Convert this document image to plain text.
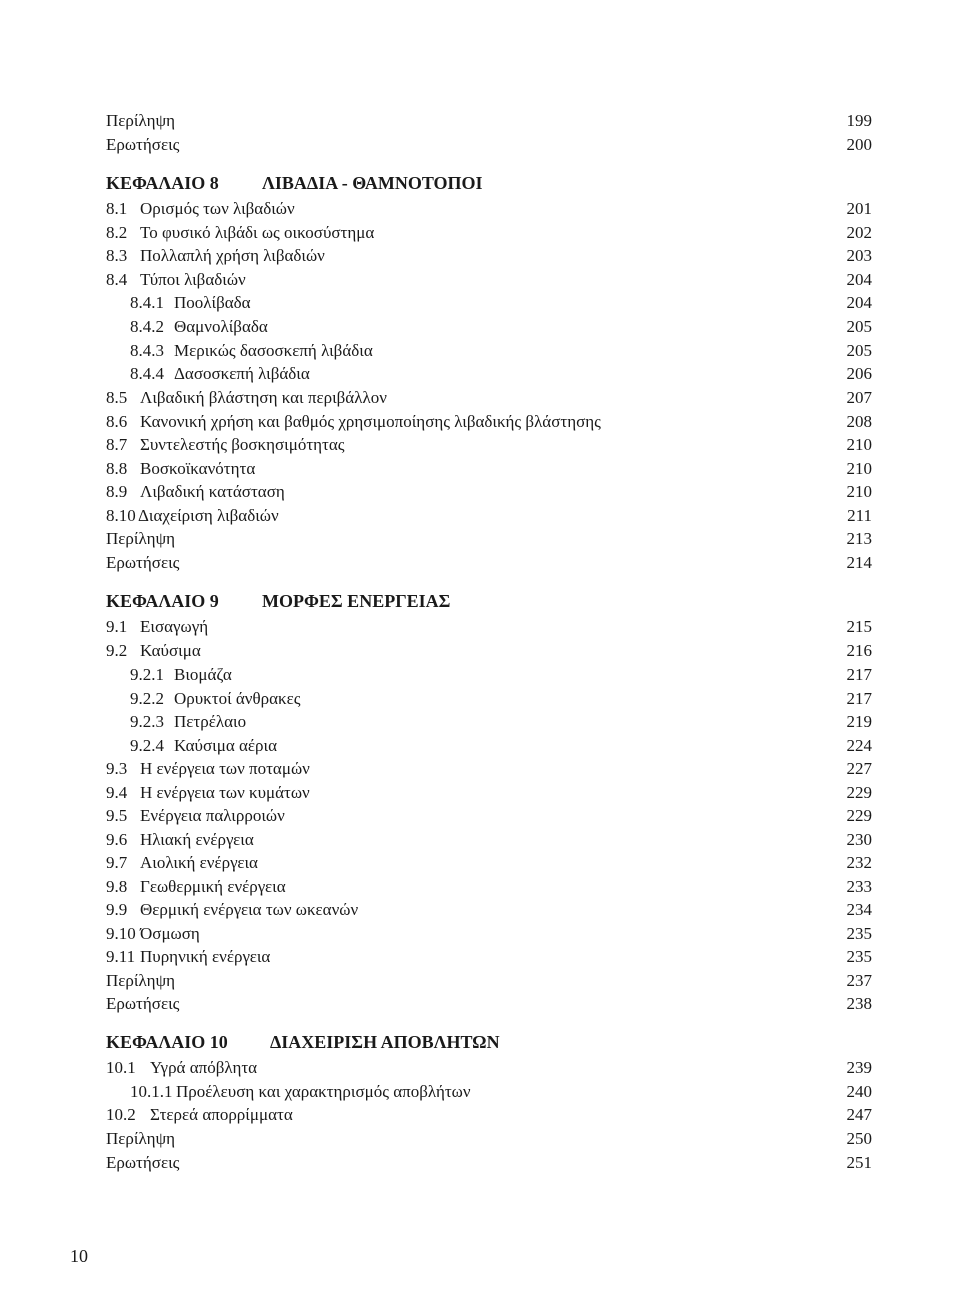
Περίληψη	199
Ερωτήσεις	200
ΚΕΦΑΛΑΙΟ 8 ΛΙΒΑΔΙΑ - ΘΑΜΝΟΤΟΠΟΙ
8.1 Ορισμός των λιβαδιών	201
8.2 Το φυσικό λιβάδι ως οικοσύστημα	202
8.3 Πολλαπλή χρήση λιβαδιών	203
8.4 Τύποι λιβαδιών	204
8.4.1 Ποολίβαδα	204
8.4.2 Θαμνολίβαδα	205
8.4.3 Μερικώς δασοσκεπή λιβάδια	205
8.4.4 Δασοσκεπή λιβάδια	206
8.5 Λιβαδική βλάστηση και περιβάλλον	207
8.6 Κανονική χρήση και βαθμός χρησιμοποίησης λιβαδικής βλάστησης	208
8.7 Συντελεστής βοσκησιμότητας	210
8.8 Βοσκοϊκανότητα	210
8.9 Λιβαδική κατάσταση	210
8.10 Διαχείριση λιβαδιών	211
Περίληψη	213
Ερωτήσεις	214
ΚΕΦΑΛΑΙΟ 9 ΜΟΡΦΕΣ ΕΝΕΡΓΕΙΑΣ
9.1 Εισαγωγή	215
9.2 Καύσιμα	216
9.2.1 Βιομάζα	217
9.2.2 Ορυκτοί άνθρακες	217
9.2.3 Πετρέλαιο	219
9.2.4 Καύσιμα αέρια	224
9.3 Η ενέργεια των ποταμών	227
9.4 Η ενέργεια των κυμάτων	229
9.5 Ενέργεια παλιρροιών	229
9.6 Ηλιακή ενέργεια	230
9.7 Αιολική ενέργεια	232
9.8 Γεωθερμική ενέργεια	233
9.9 Θερμική ενέργεια των ωκεανών	234
9.10 Όσμωση	235
9.11 Πυρηνική ενέργεια	235
Περίληψη	237
Ερωτήσεις	238
ΚΕΦΑΛΑΙΟ 10 ΔΙΑΧΕΙΡΙΣΗ ΑΠΟΒΛΗΤΩΝ
10.1 Υγρά απόβλητα	239
10.1.1 Προέλευση και χαρακτηρισμός αποβλήτων	240
10.2 Στερεά απορρίμματα	247
Περίληψη	250
Ερωτήσεις	251
10
